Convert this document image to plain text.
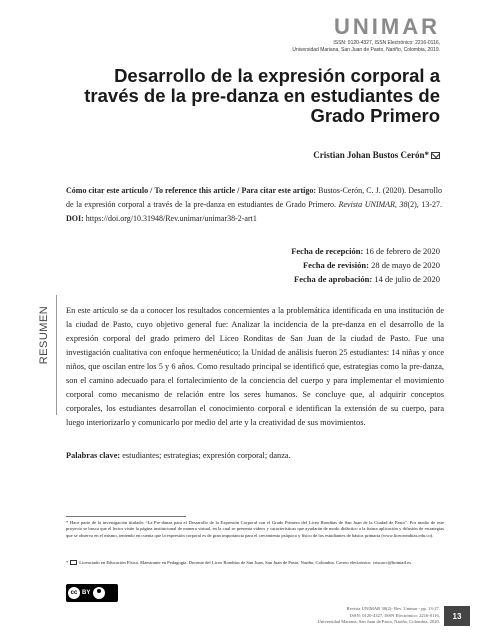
UNIMAR
ISSN: 0120-4327, ISSN Electrónico: 2216-0116,
Universidad Mariana, San Juan de Pasto, Nariño, Colombia, 2019.
Desarrollo de la expresión corporal a través de la pre-danza en estudiantes de Grado Primero
Cristian Johan Bustos Cerón*
Cómo citar este artículo / To reference this article / Para citar este artigo: Bustos-Cerón, C. J. (2020). Desarrollo de la expresión corporal a través de la pre-danza en estudiantes de Grado Primero. Revista UNIMAR, 38(2), 13-27. DOI: https://doi.org/10.31948/Rev.unimar/unimar38-2-art1
Fecha de recepción: 16 de febrero de 2020
Fecha de revisión: 28 de mayo de 2020
Fecha de aprobación: 14 de julio de 2020
RESUMEN En este artículo se da a conocer los resultados concernientes a la problemática identificada en una institución de la ciudad de Pasto, cuyo objetivo general fue: Analizar la incidencia de la pre-danza en el desarrollo de la expresión corporal del grado primero del Liceo Ronditas de San Juan de la ciudad de Pasto. Fue una investigación cualitativa con enfoque hermenéutico; la Unidad de análisis fueron 25 estudiantes: 14 niñas y once niños, que oscilan entre los 5 y 6 años. Como resultado principal se identificó que, estrategias como la pre-danza, son el camino adecuado para el fortalecimiento de la conciencia del cuerpo y para implementar el movimiento corporal como mecanismo de relación entre los seres humanos. Se concluye que, al adquirir conceptos corporales, los estudiantes desarrollan el conocimiento corporal e identifican la extensión de su cuerpo, para luego interiorizarlo y comunicarlo por medio del arte y la creatividad de sus movimientos.
Palabras clave: estudiantes; estrategias; expresión corporal; danza.
* Hace parte de la investigación titulada: “La Pre-danza para el Desarrollo de la Expresión Corporal con el Grado Primero del Liceo Ronditas de San Juan de la Ciudad de Pasto”. Por medio de este proyecto se busca que el lector visite la página institucional de manera virtual, en la cual se presenta videos y características que ayudarán de modo didáctico a la futura aplicación y difusión de estrategias que se observa en el mismo, teniendo en cuenta que la expresión corporal es de gran importancia para el crecimiento psíquico y físico de los estudiantes de básica primaria (www.liceoronditas.edu.co).
* Licenciado en Educación Física. Maestrante en Pedagogía. Docente del Liceo Ronditas de San Juan, San Juan de Pasto, Nariño, Colombia. Correo electrónico: crisoacc@hotmail.es
cc BY
Revista UNIMAR 38(2)- Rev. Unimar - pp. 13-27.
ISSN: 0120-4327, ISSN Electrónico: 2216-0116,
Universidad Mariana, San Juan de Pasto, Nariño, Colombia, 2020.
13
